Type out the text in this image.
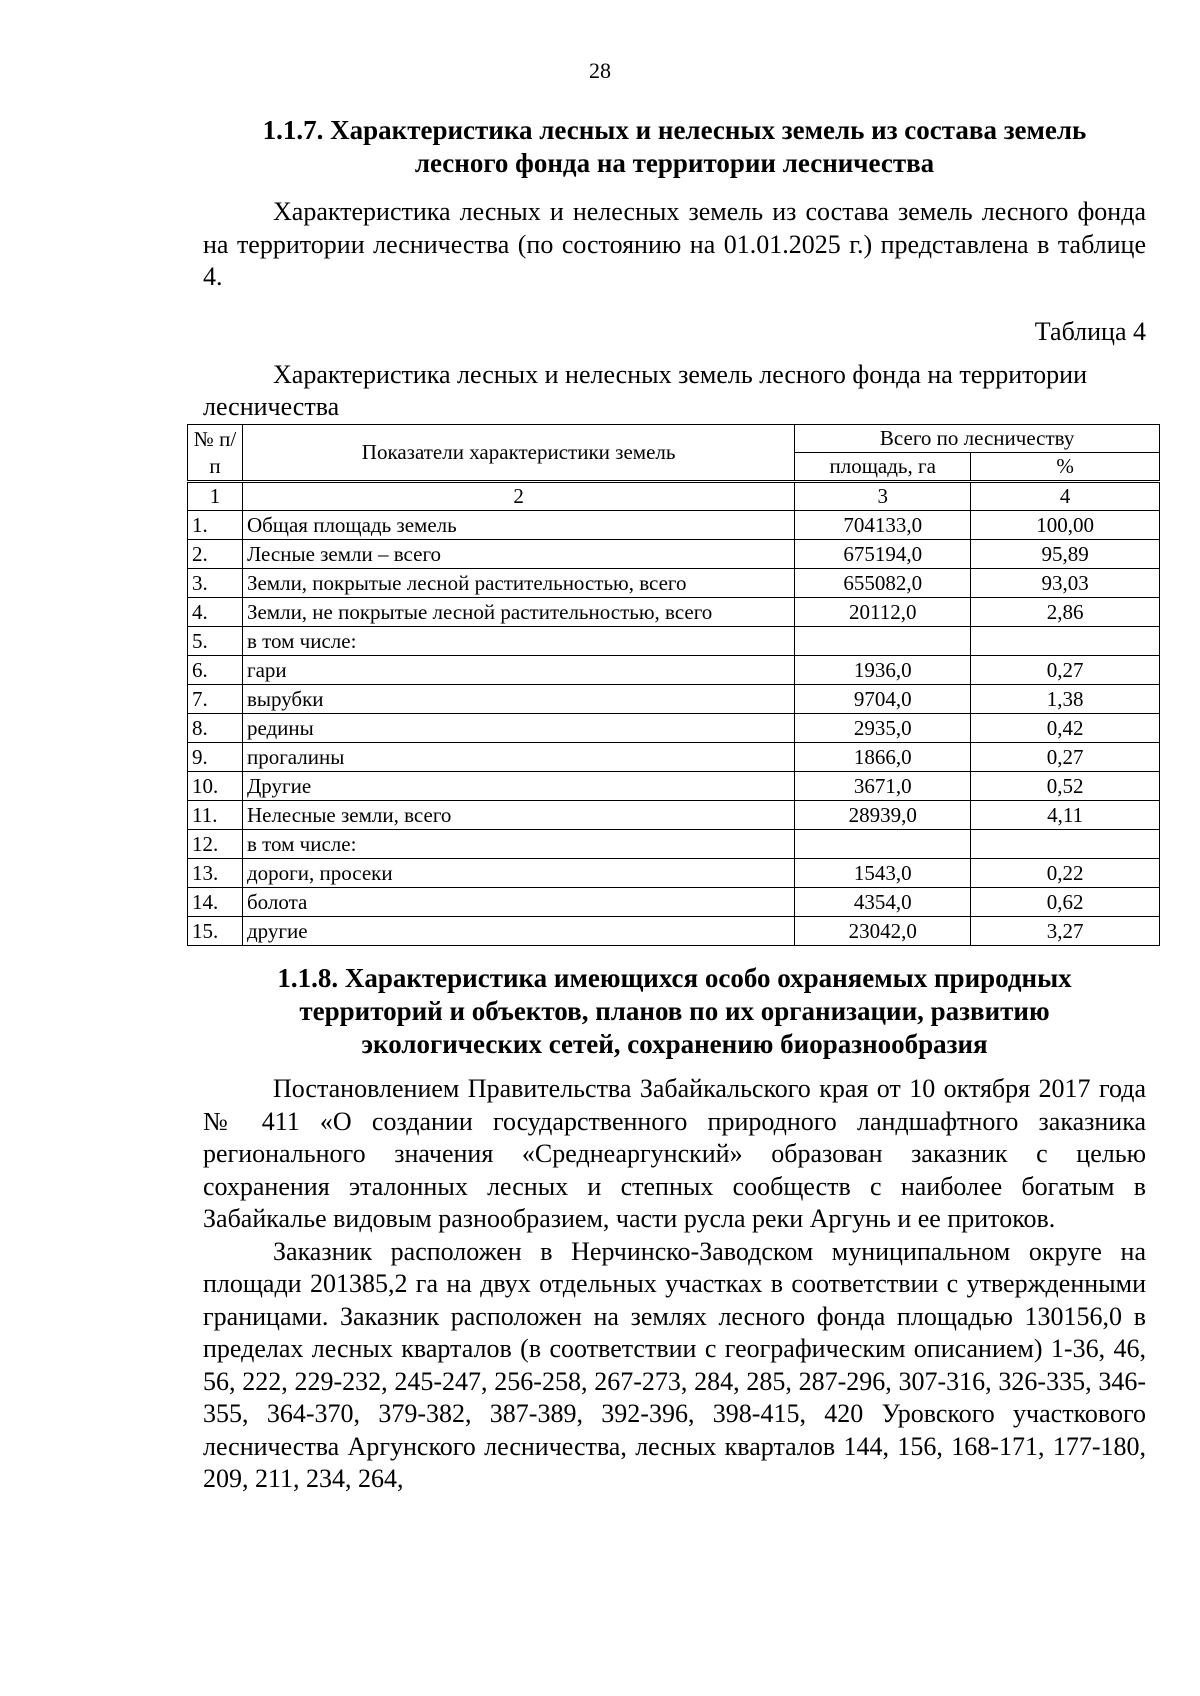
28

1.1.7. Характеристика лесных и нелесных земель из состава земель

лесного фонда на территории лесничества

Характеристика лесных и нелесных земель из состава земель лесного фонда на территории лесничества (по состоянию на 01.01.2025 г.) представлена в таблице 4.

Таблица 4

Характеристика лесных и нелесных земель лесного фонда на территории лесничества

№ п/п	Показатели характеристики земель	Всего по лесничеству	
		площадь, га	%
1	2	3	4
1.	Общая площадь земель	704133,0	100,00
2.	Лесные земли – всего	675194,0	95,89
3.	Земли, покрытые лесной растительностью, всего	655082,0	93,03
4.	Земли, не покрытые лесной растительностью, всего	20112,0	2,86
5.	в том числе:		
6.	гари	1936,0	0,27
7.	вырубки	9704,0	1,38
8.	редины	2935,0	0,42
9.	прогалины	1866,0	0,27
10.	Другие	3671,0	0,52
11.	Нелесные земли, всего	28939,0	4,11
12.	в том числе:		
13.	дороги, просеки	1543,0	0,22
14.	болота	4354,0	0,62
15.	другие	23042,0	3,27

1.1.8. Характеристика имеющихся особо охраняемых природных

территорий и объектов, планов по их организации, развитию

экологических сетей, сохранению биоразнообразия

Постановлением Правительства Забайкальского края от 10 октября 2017 года № 411 «О создании государственного природного ландшафтного заказника регионального значения «Среднеаргунский» образован заказник с целью сохранения эталонных лесных и степных сообществ с наиболее богатым в Забайкалье видовым разнообразием, части русла реки Аргунь и ее притоков.

Заказник расположен в Нерчинско-Заводском муниципальном округе на площади 201385,2 га на двух отдельных участках в соответствии с утвержденными границами. Заказник расположен на землях лесного фонда площадью 130156,0 в пределах лесных кварталов (в соответствии с географическим описанием) 1-36, 46, 56, 222, 229-232, 245-247, 256-258, 267-273, 284, 285, 287-296, 307-316, 326-335, 346-355, 364-370, 379-382, 387-389, 392-396, 398-415, 420 Уровского участкового лесничества Аргунского лесничества, лесных кварталов 144, 156, 168-171, 177-180, 209, 211, 234, 264,
